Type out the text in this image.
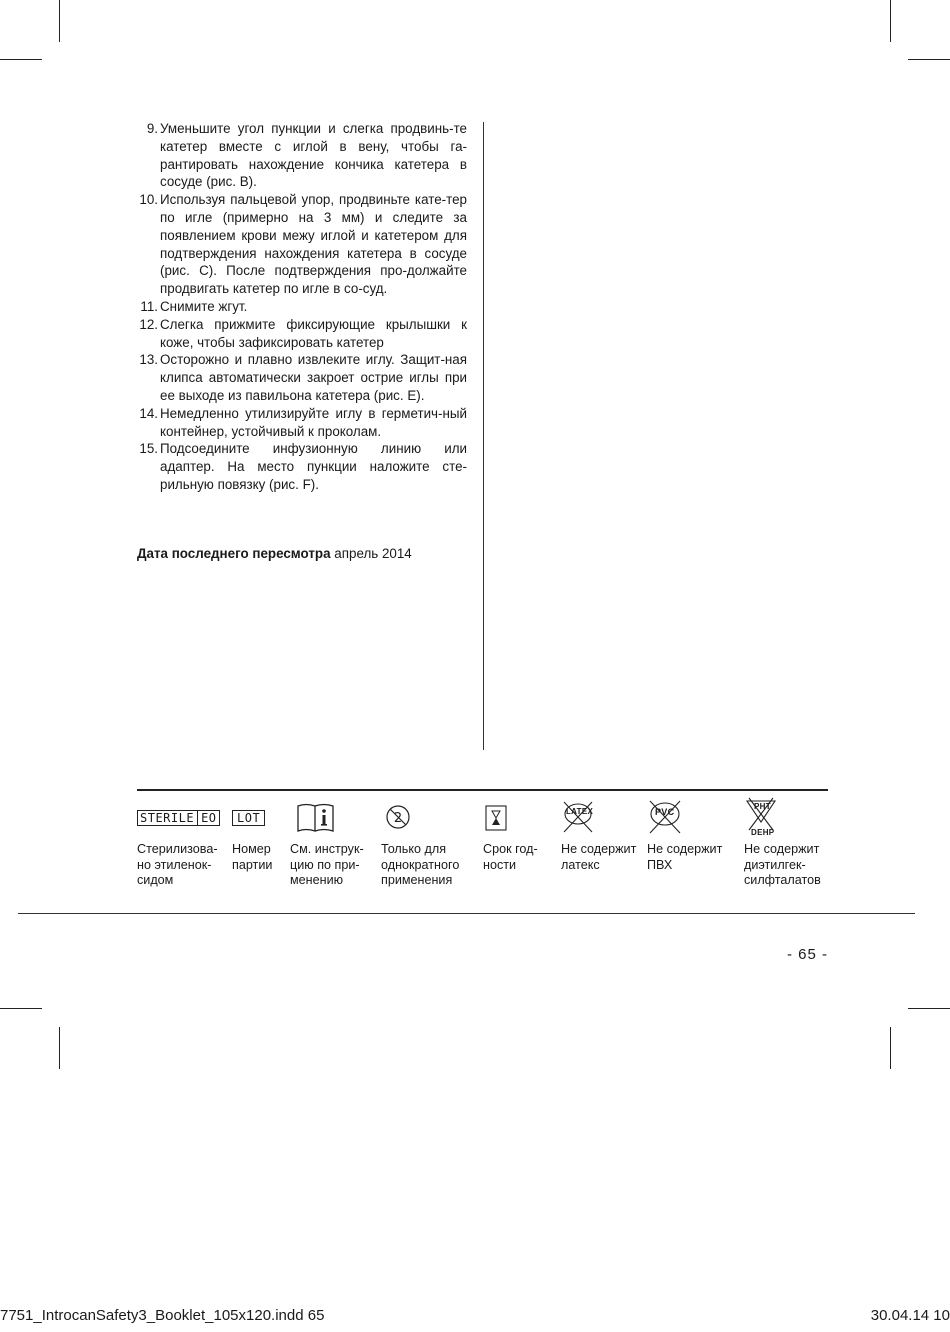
9. Уменьшите угол пункции и слегка продвинь-те катетер вместе с иглой в вену, чтобы га-рантировать нахождение кончика катетера в сосуде (рис. B).
10. Используя пальцевой упор, продвиньте кате-тер по игле (примерно на 3 мм) и следите за появлением крови межу иглой и катетером для подтверждения нахождения катетера в сосуде (рис. C). После подтверждения про-должайте продвигать катетер по игле в со-суд.
11. Снимите жгут.
12. Слегка прижмите фиксирующие крылышки к коже, чтобы зафиксировать катетер
13. Осторожно и плавно извлеките иглу. Защит-ная клипса автоматически закроет острие иглы при ее выходе из павильона катетера (рис. E).
14. Немедленно утилизируйте иглу в герметич-ный контейнер, устойчивый к проколам.
15. Подсоедините инфузионную линию или адаптер. На место пункции наложите сте-рильную повязку (рис. F).
Дата последнего пересмотра апрель 2014
STERILE EO
Стерилизова-но этиленок-сидом
LOT
Номер партии
См. инструк-цию по при-менению
2
Только для однократного применения
Срок год-ности
LATEX
Не содержит латекс
PVC
Не содержит ПВХ
PHT
DEHP
Не содержит диэтилгек-силфталатов
- 65 -
7751_IntrocanSafety3_Booklet_105x120.indd 65	30.04.14 10
